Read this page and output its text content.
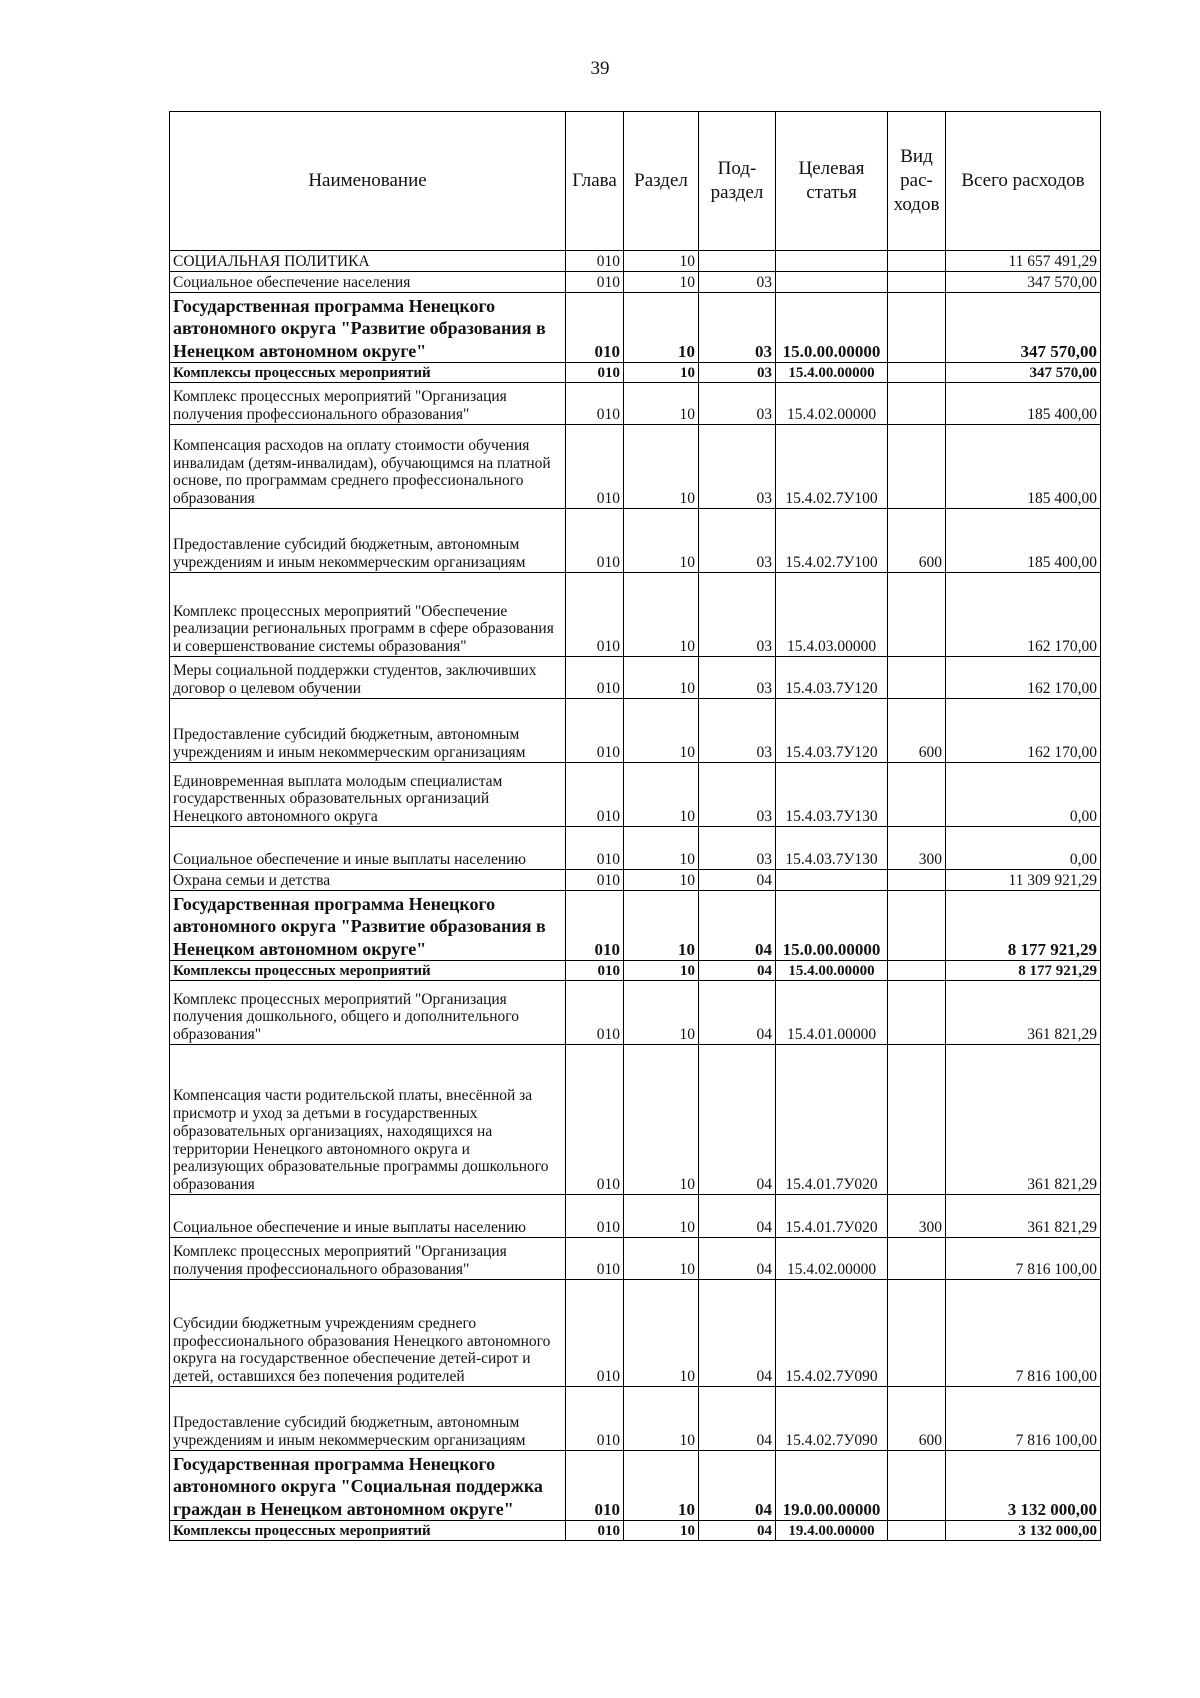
39
Наименование	Глава	Раздел	Под-раздел	Целевая статья	Вид рас-ходов	Всего расходов
СОЦИАЛЬНАЯ ПОЛИТИКА	010	10				11 657 491,29
Социальное обеспечение населения	010	10	03			347 570,00
Государственная программа Ненецкого автономного округа "Развитие образования в Ненецком автономном округе"	010	10	03	15.0.00.00000		347 570,00
Комплексы процессных мероприятий	010	10	03	15.4.00.00000		347 570,00
Комплекс процессных мероприятий "Организация получения профессионального образования"	010	10	03	15.4.02.00000		185 400,00
Компенсация расходов на оплату стоимости обучения инвалидам (детям-инвалидам), обучающимся на платной основе, по программам среднего профессионального образования	010	10	03	15.4.02.7У100		185 400,00
Предоставление субсидий бюджетным, автономным учреждениям и иным некоммерческим организациям	010	10	03	15.4.02.7У100	600	185 400,00
Комплекс процессных мероприятий "Обеспечение реализации региональных программ в сфере образования и совершенствование системы образования"	010	10	03	15.4.03.00000		162 170,00
Меры социальной поддержки студентов, заключивших договор о целевом обучении	010	10	03	15.4.03.7У120		162 170,00
Предоставление субсидий бюджетным, автономным учреждениям и иным некоммерческим организациям	010	10	03	15.4.03.7У120	600	162 170,00
Единовременная выплата молодым специалистам государственных образовательных организаций Ненецкого автономного округа	010	10	03	15.4.03.7У130		0,00
Социальное обеспечение и иные выплаты населению	010	10	03	15.4.03.7У130	300	0,00
Охрана семьи и детства	010	10	04			11 309 921,29
Государственная программа Ненецкого автономного округа "Развитие образования в Ненецком автономном округе"	010	10	04	15.0.00.00000		8 177 921,29
Комплексы процессных мероприятий	010	10	04	15.4.00.00000		8 177 921,29
Комплекс процессных мероприятий "Организация получения дошкольного, общего и дополнительного образования"	010	10	04	15.4.01.00000		361 821,29
Компенсация части родительской платы, внесённой за присмотр и уход за детьми в государственных образовательных организациях, находящихся на территории Ненецкого автономного округа и реализующих образовательные программы дошкольного образования	010	10	04	15.4.01.7У020		361 821,29
Социальное обеспечение и иные выплаты населению	010	10	04	15.4.01.7У020	300	361 821,29
Комплекс процессных мероприятий "Организация получения профессионального образования"	010	10	04	15.4.02.00000		7 816 100,00
Субсидии бюджетным учреждениям среднего профессионального образования Ненецкого автономного округа на государственное обеспечение детей-сирот и детей, оставшихся без попечения родителей	010	10	04	15.4.02.7У090		7 816 100,00
Предоставление субсидий бюджетным, автономным учреждениям и иным некоммерческим организациям	010	10	04	15.4.02.7У090	600	7 816 100,00
Государственная программа Ненецкого автономного округа "Социальная поддержка граждан в Ненецком автономном округе"	010	10	04	19.0.00.00000		3 132 000,00
Комплексы процессных мероприятий	010	10	04	19.4.00.00000		3 132 000,00
